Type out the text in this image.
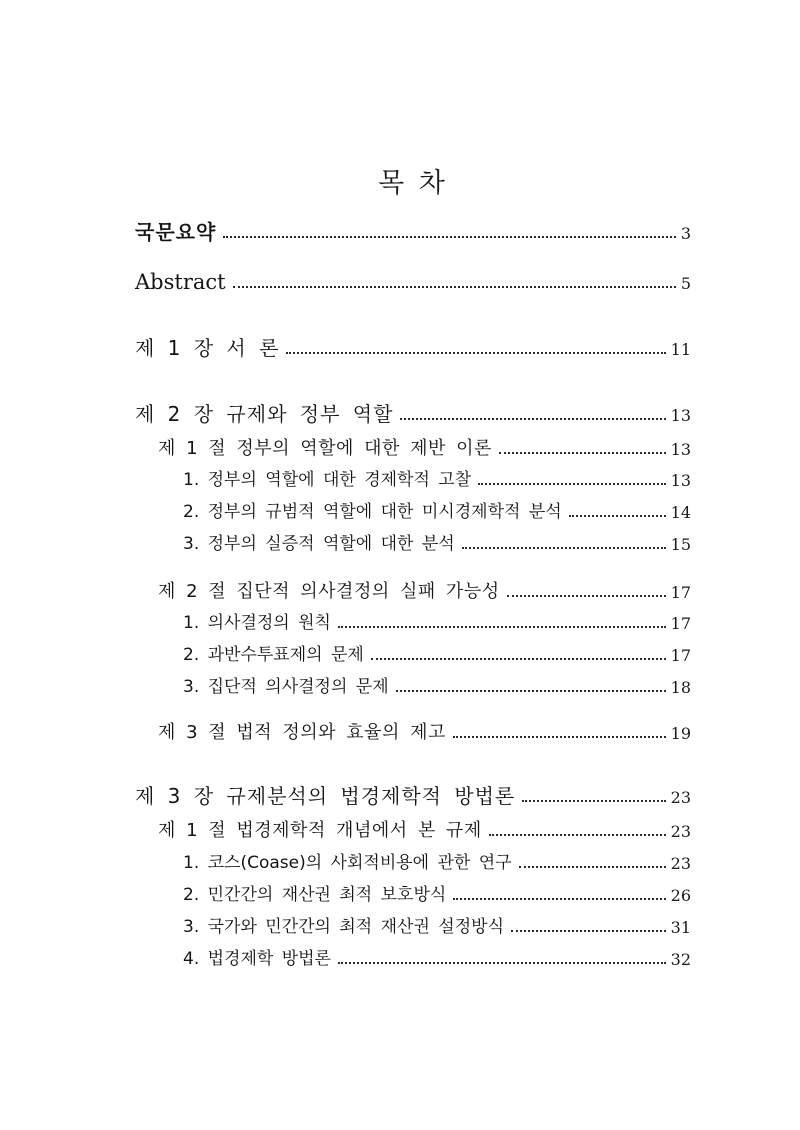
목 차
국문요약	3
Abstract	5
제 1 장 서 론	11
제 2 장 규제와 정부 역할	13
제 1 절 정부의 역할에 대한 제반 이론	13
1. 정부의 역할에 대한 경제학적 고찰	13
2. 정부의 규범적 역할에 대한 미시경제학적 분석	14
3. 정부의 실증적 역할에 대한 분석	15
제 2 절 집단적 의사결정의 실패 가능성	17
1. 의사결정의 원칙	17
2. 과반수투표제의 문제	17
3. 집단적 의사결정의 문제	18
제 3 절 법적 정의와 효율의 제고	19
제 3 장 규제분석의 법경제학적 방법론	23
제 1 절 법경제학적 개념에서 본 규제	23
1. 코스(Coase)의 사회적비용에 관한 연구	23
2. 민간간의 재산권 최적 보호방식	26
3. 국가와 민간간의 최적 재산권 설정방식	31
4. 법경제학 방법론	32
